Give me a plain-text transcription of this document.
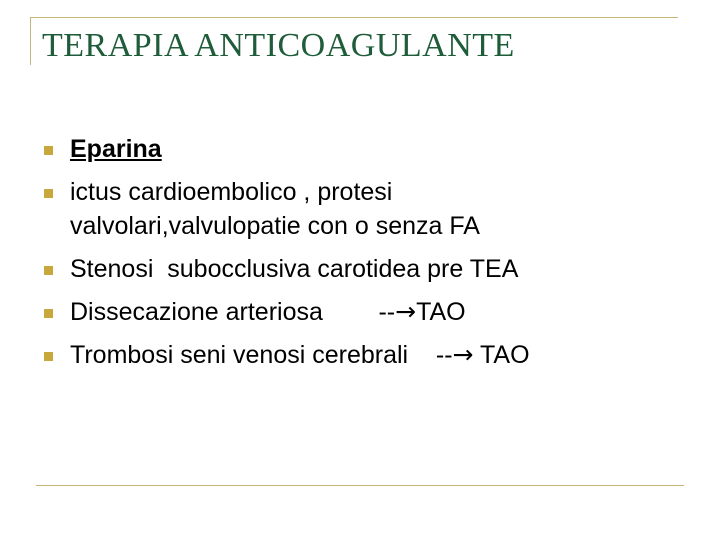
TERAPIA ANTICOAGULANTE
Eparina
ictus cardioembolico , protesi
valvolari,valvulopatie con o senza FA
Stenosi  subocclusiva carotidea pre TEA
Dissecazione arteriosa        --→TAO
Trombosi seni venosi cerebrali    --→ TAO
